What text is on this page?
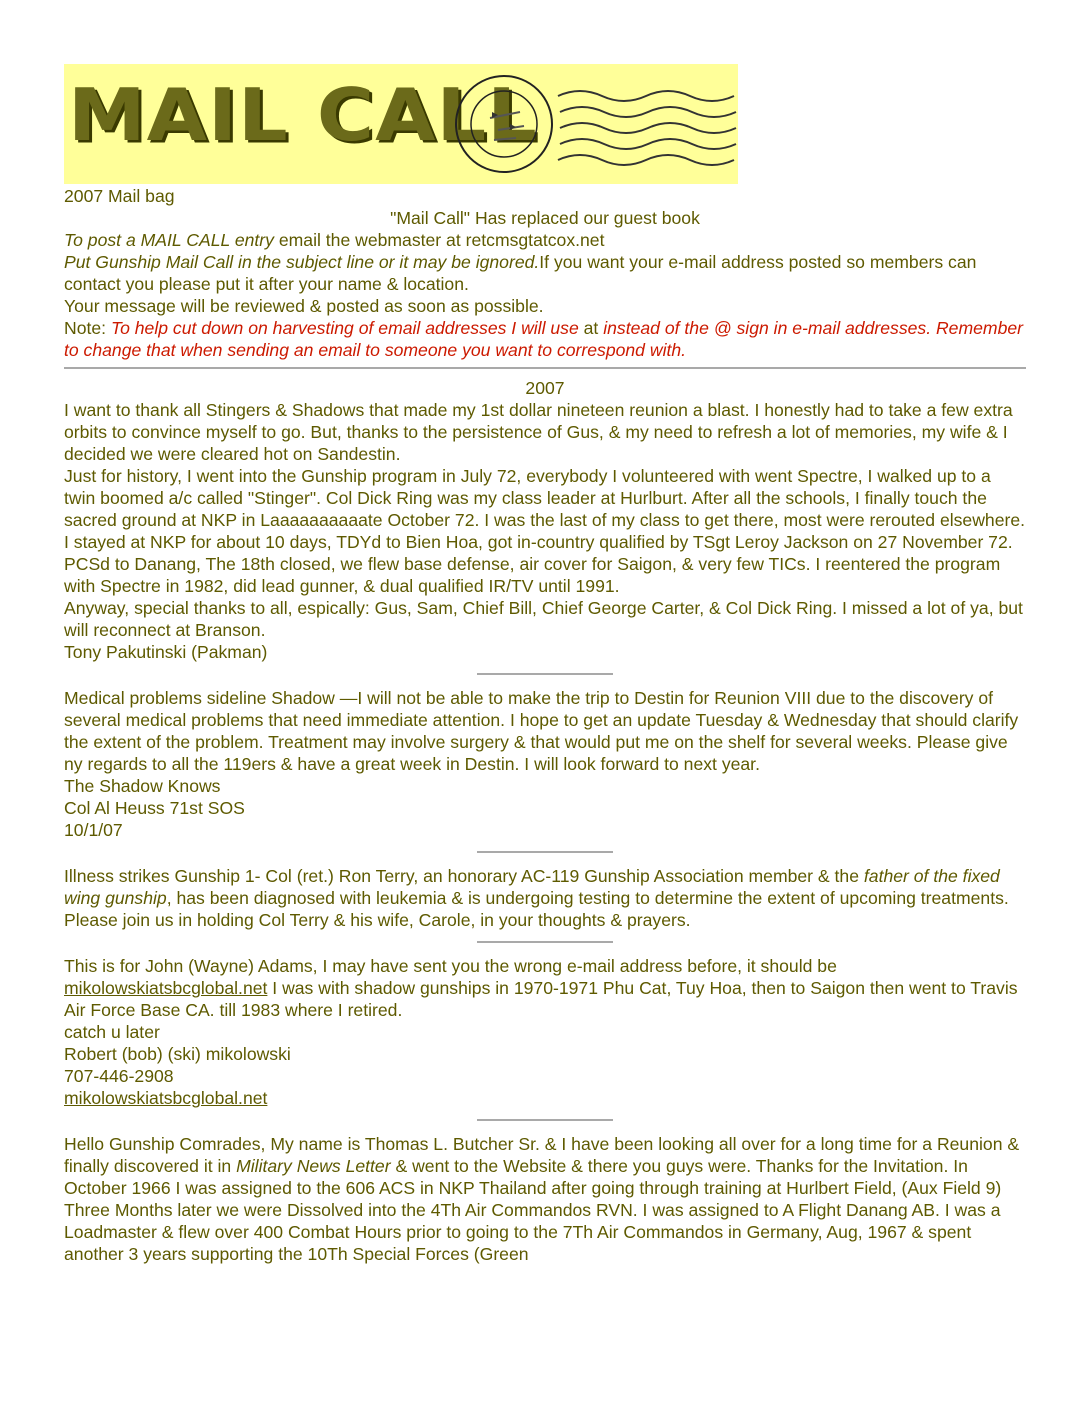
MAIL CALL

2007 Mail bag

"Mail Call" Has replaced our guest book

To post a MAIL CALL entry email the webmaster at retcmsgtatcox.net

Put Gunship Mail Call in the subject line or it may be ignored.If you want your e-mail address posted so members can contact you please put it after your name & location.

Your message will be reviewed & posted as soon as possible.

Note: To help cut down on harvesting of email addresses I will use at instead of the @ sign in e-mail addresses. Remember to change that when sending an email to someone you want to correspond with.

2007

I want to thank all Stingers & Shadows that made my 1st dollar nineteen reunion a blast. I honestly had to take a few extra orbits to convince myself to go. But, thanks to the persistence of Gus, & my need to refresh a lot of memories, my wife & I decided we were cleared hot on Sandestin.

Just for history, I went into the Gunship program in July 72, everybody I volunteered with went Spectre, I walked up to a twin boomed a/c called "Stinger". Col Dick Ring was my class leader at Hurlburt. After all the schools, I finally touch the sacred ground at NKP in Laaaaaaaaaate October 72. I was the last of my class to get there, most were rerouted elsewhere. I stayed at NKP for about 10 days, TDYd to Bien Hoa, got in-country qualified by TSgt Leroy Jackson on 27 November 72. PCSd to Danang, The 18th closed, we flew base defense, air cover for Saigon, & very few TICs. I reentered the program with Spectre in 1982, did lead gunner, & dual qualified IR/TV until 1991.

Anyway, special thanks to all, espically: Gus, Sam, Chief Bill, Chief George Carter, & Col Dick Ring. I missed a lot of ya, but will reconnect at Branson.

Tony Pakutinski (Pakman)

Medical problems sideline Shadow —I will not be able to make the trip to Destin for Reunion VIII due to the discovery of several medical problems that need immediate attention. I hope to get an update Tuesday & Wednesday that should clarify the extent of the problem. Treatment may involve surgery & that would put me on the shelf for several weeks. Please give ny regards to all the 119ers & have a great week in Destin. I will look forward to next year.

The Shadow Knows

Col Al Heuss 71st SOS

10/1/07

Illness strikes Gunship 1- Col (ret.) Ron Terry, an honorary AC-119 Gunship Association member & the father of the fixed wing gunship, has been diagnosed with leukemia & is undergoing testing to determine the extent of upcoming treatments. Please join us in holding Col Terry & his wife, Carole, in your thoughts & prayers.

This is for John (Wayne) Adams, I may have sent you the wrong e-mail address before, it should be mikolowskiatsbcglobal.net I was with shadow gunships in 1970-1971 Phu Cat, Tuy Hoa, then to Saigon then went to Travis Air Force Base CA. till 1983 where I retired.

catch u later

Robert (bob) (ski) mikolowski

707-446-2908

mikolowskiatsbcglobal.net

Hello Gunship Comrades, My name is Thomas L. Butcher Sr. & I have been looking all over for a long time for a Reunion & finally discovered it in Military News Letter & went to the Website & there you guys were. Thanks for the Invitation. In October 1966 I was assigned to the 606 ACS in NKP Thailand after going through training at Hurlbert Field, (Aux Field 9) Three Months later we were Dissolved into the 4Th Air Commandos RVN. I was assigned to A Flight Danang AB. I was a Loadmaster & flew over 400 Combat Hours prior to going to the 7Th Air Commandos in Germany, Aug, 1967 & spent another 3 years supporting the 10Th Special Forces (Green
